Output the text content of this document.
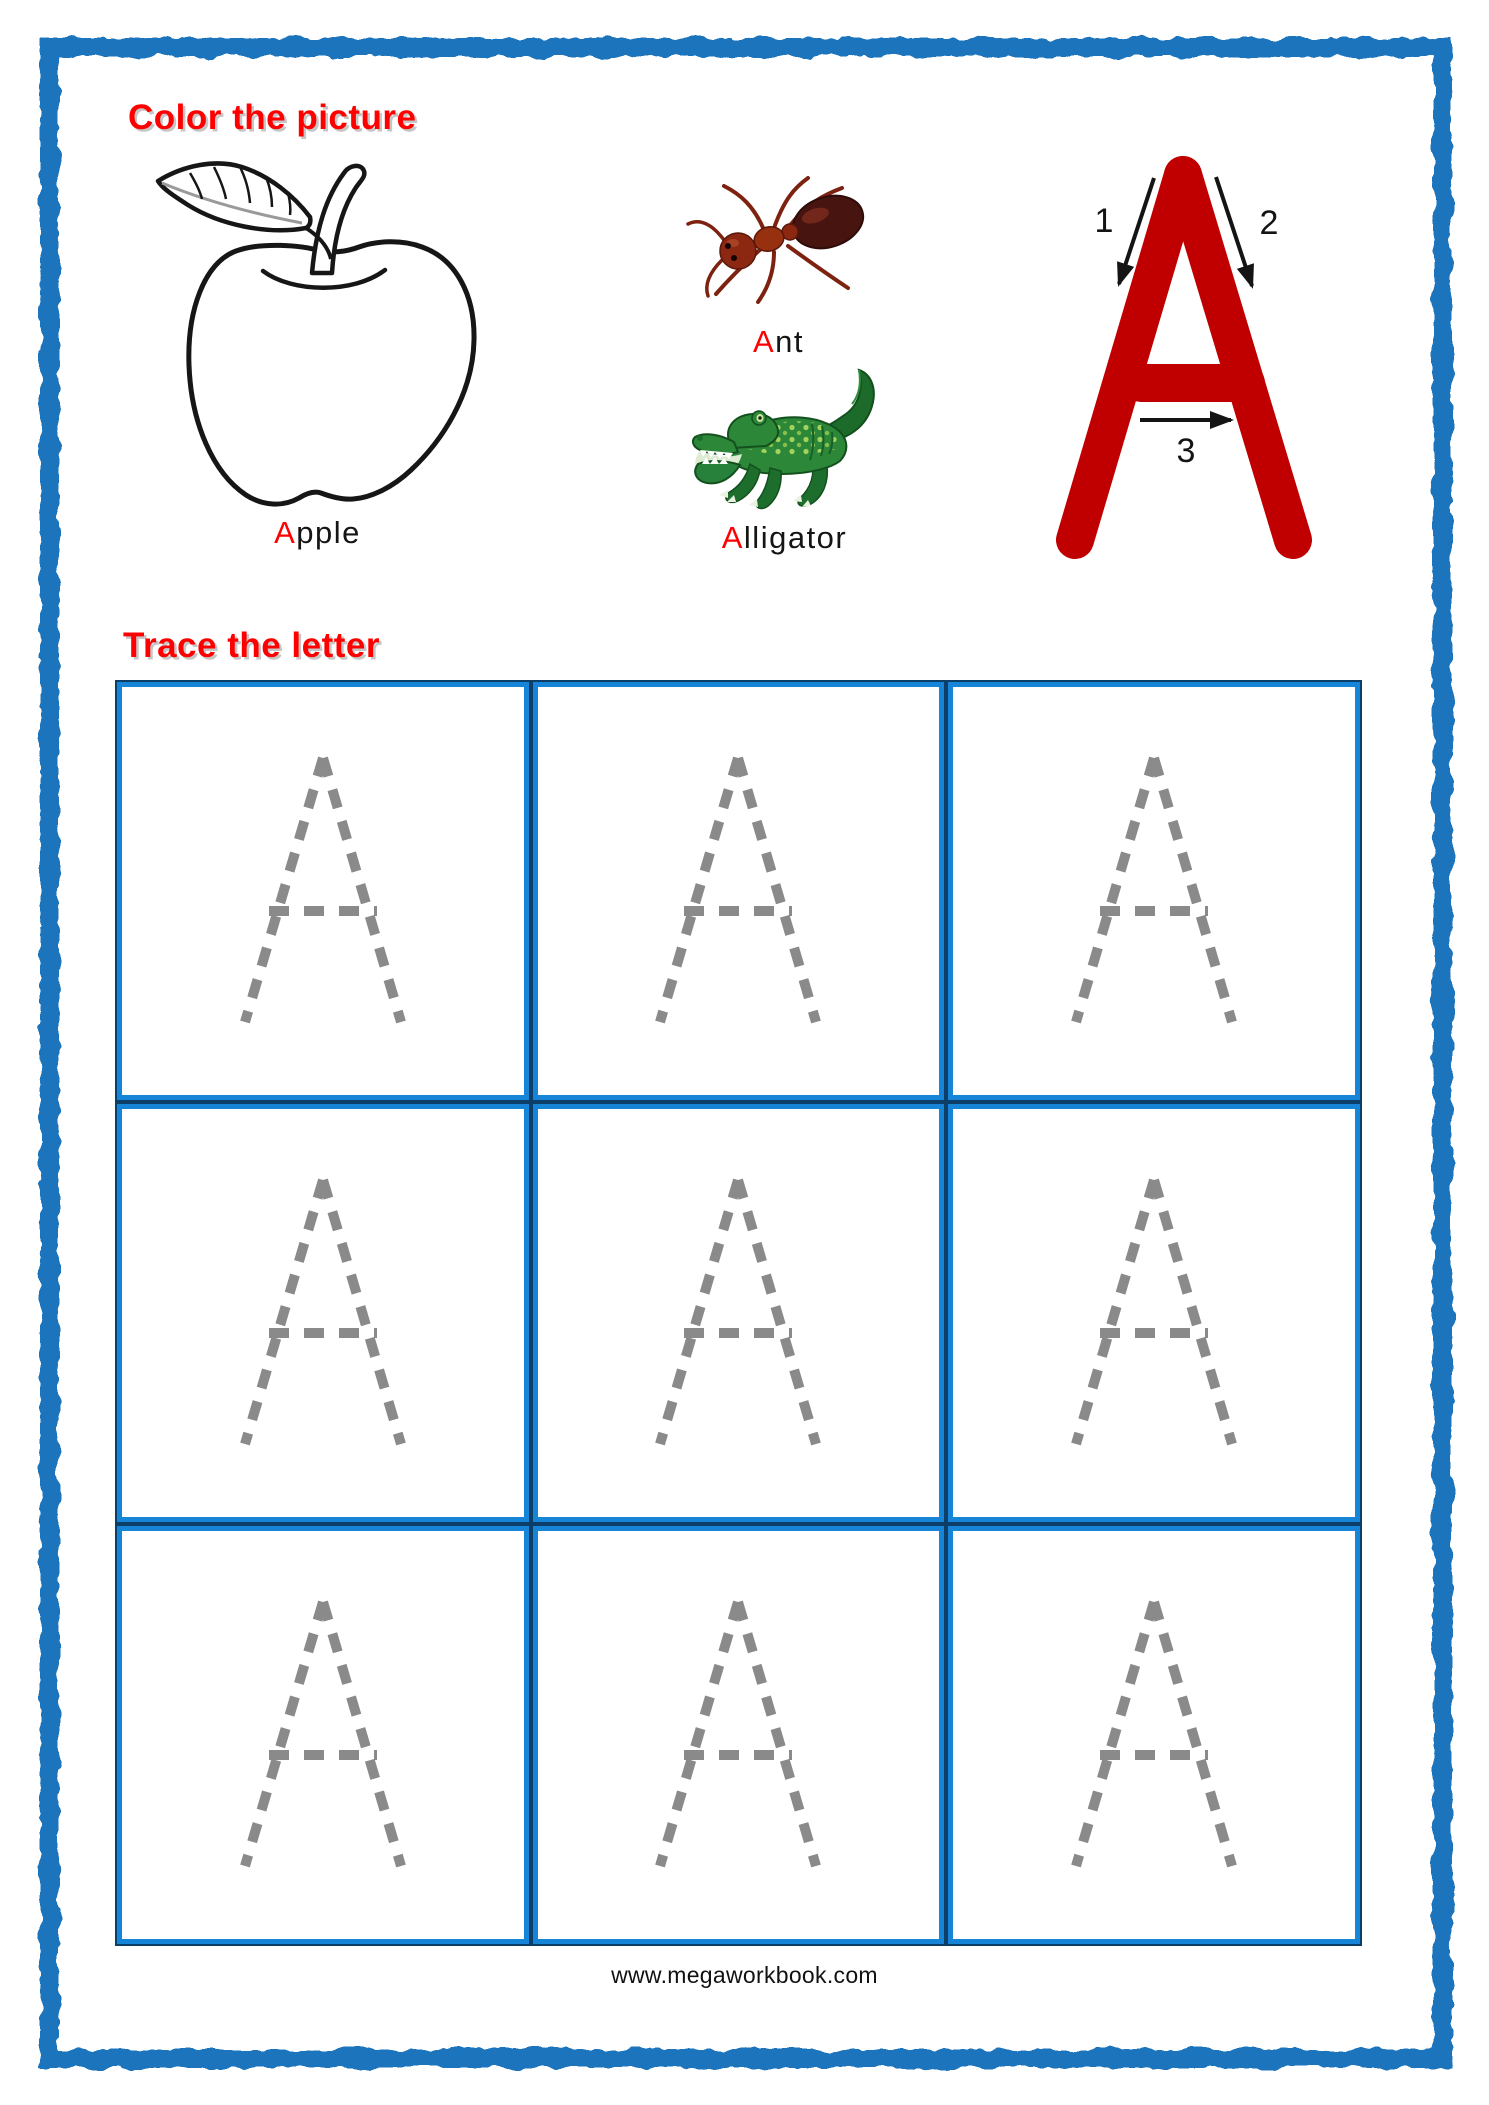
Color the picture
Apple
Ant
Alligator
1	2
3
Trace the letter
www.megaworkbook.com
